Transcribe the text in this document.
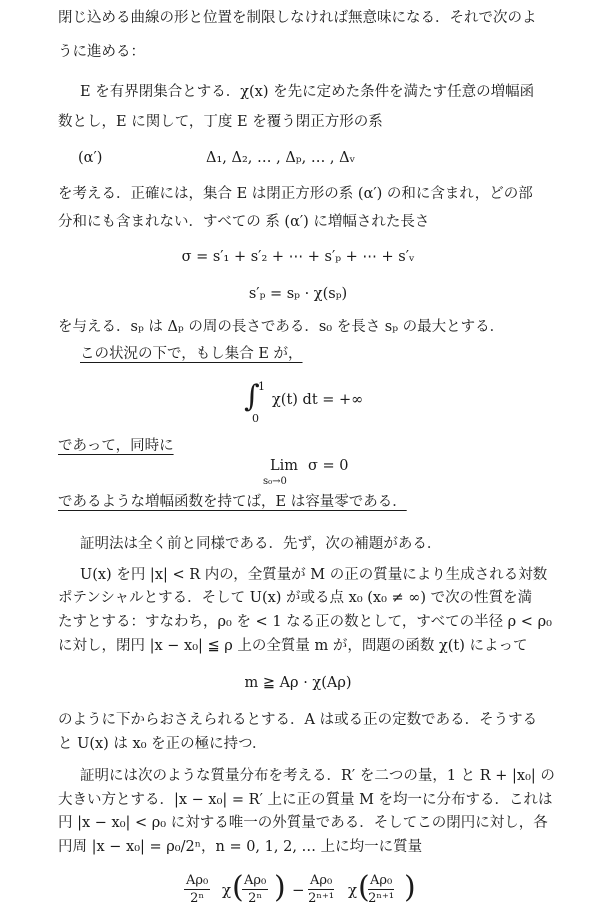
閉じ込める曲線の形と位置を制限しなければ無意味になる．それで次のよ
うに進める：
E を有界閉集合とする．χ(x) を先に定めた条件を満たす任意の増幅函
数とし，E に関して，丁度 E を覆う閉正方形の系
(α′)	Δ₁, Δ₂, … , Δₚ, … , Δᵥ
を考える．正確には，集合 E は閉正方形の系 (α′) の和に含まれ，どの部
分和にも含まれない．すべての 系 (α′) に増幅された長さ
σ = s′₁ + s′₂ + ⋯ + s′ₚ + ⋯ + s′ᵥ
s′ₚ = sₚ · χ(sₚ)
を与える．sₚ は Δₚ の周の長さである．s₀ を長さ sₚ の最大とする．
この状況の下で，もし集合 E が，
∫
1
0
χ(t) dt = +∞
であって，同時に
Lim
s₀→0
σ = 0
であるような増幅函数を持てば，E は容量零である．
証明法は全く前と同様である．先ず，次の補題がある．
U(x) を円 |x| < R 内の，全質量が M の正の質量により生成される対数
ポテンシャルとする．そして U(x) が或る点 x₀ (x₀ ≠ ∞) で次の性質を満
たすとする：すなわち，ρ₀ を < 1 なる正の数として，すべての半径 ρ < ρ₀
に対し，閉円 |x − x₀| ≦ ρ 上の全質量 m が，問題の函数 χ(t) によって
m ≧ Aρ · χ(Aρ)
のように下からおさえられるとする．A は或る正の定数である．そうする
と U(x) は x₀ を正の極に持つ．
証明には次のような質量分布を考える．R′ を二つの量，1 と R + |x₀| の
大きい方とする．|x − x₀| = R′ 上に正の質量 M を均一に分布する．これは
円 |x − x₀| < ρ₀ に対する唯一の外質量である．そしてこの閉円に対し，各
円周 |x − x₀| = ρ₀/2ⁿ，n = 0, 1, 2, … 上に均一に質量
$\frac{\text{Aρ₀}}{\text{2ⁿ}}$ χ (
$\frac{\text{Aρ₀}}{\text{2ⁿ}}$ ) − $\frac{\text{Aρ₀}}{\text{2ⁿ⁺¹}}$ χ (
$\frac{\text{Aρ₀}}{\text{2ⁿ⁺¹}}$ )
